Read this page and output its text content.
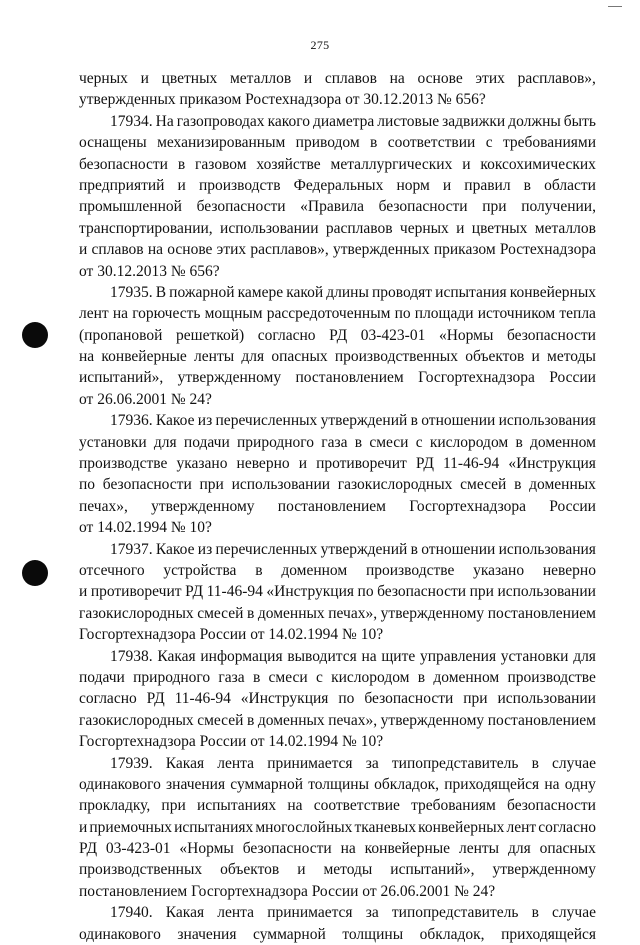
275
черных и цветных металлов и сплавов на основе этих расплавов»,
утвержденных приказом Ростехнадзора от 30.12.2013 № 656?
17934. На газопроводах какого диаметра листовые задвижки должны быть
оснащены механизированным приводом в соответствии с требованиями
безопасности в газовом хозяйстве металлургических и коксохимических
предприятий и производств Федеральных норм и правил в области
промышленной безопасности «Правила безопасности при получении,
транспортировании, использовании расплавов черных и цветных металлов
и сплавов на основе этих расплавов», утвержденных приказом Ростехнадзора
от 30.12.2013 № 656?
17935. В пожарной камере какой длины проводят испытания конвейерных
лент на горючесть мощным рассредоточенным по площади источником тепла
(пропановой решеткой) согласно РД 03-423-01 «Нормы безопасности
на конвейерные ленты для опасных производственных объектов и методы
испытаний», утвержденному постановлением Госгортехнадзора России
от 26.06.2001 № 24?
17936. Какое из перечисленных утверждений в отношении использования
установки для подачи природного газа в смеси с кислородом в доменном
производстве указано неверно и противоречит РД 11-46-94 «Инструкция
по безопасности при использовании газокислородных смесей в доменных
печах», утвержденному постановлением Госгортехнадзора России
от 14.02.1994 № 10?
17937. Какое из перечисленных утверждений в отношении использования
отсечного устройства в доменном производстве указано неверно
и противоречит РД 11-46-94 «Инструкция по безопасности при использовании
газокислородных смесей в доменных печах», утвержденному постановлением
Госгортехнадзора России от 14.02.1994 № 10?
17938. Какая информация выводится на щите управления установки для
подачи природного газа в смеси с кислородом в доменном производстве
согласно РД 11-46-94 «Инструкция по безопасности при использовании
газокислородных смесей в доменных печах», утвержденному постановлением
Госгортехнадзора России от 14.02.1994 № 10?
17939. Какая лента принимается за типопредставитель в случае
одинакового значения суммарной толщины обкладок, приходящейся на одну
прокладку, при испытаниях на соответствие требованиям безопасности
и приемочных испытаниях многослойных тканевых конвейерных лент согласно
РД 03-423-01 «Нормы безопасности на конвейерные ленты для опасных
производственных объектов и методы испытаний», утвержденному
постановлением Госгортехнадзора России от 26.06.2001 № 24?
17940. Какая лента принимается за типопредставитель в случае
одинакового значения суммарной толщины обкладок, приходящейся
